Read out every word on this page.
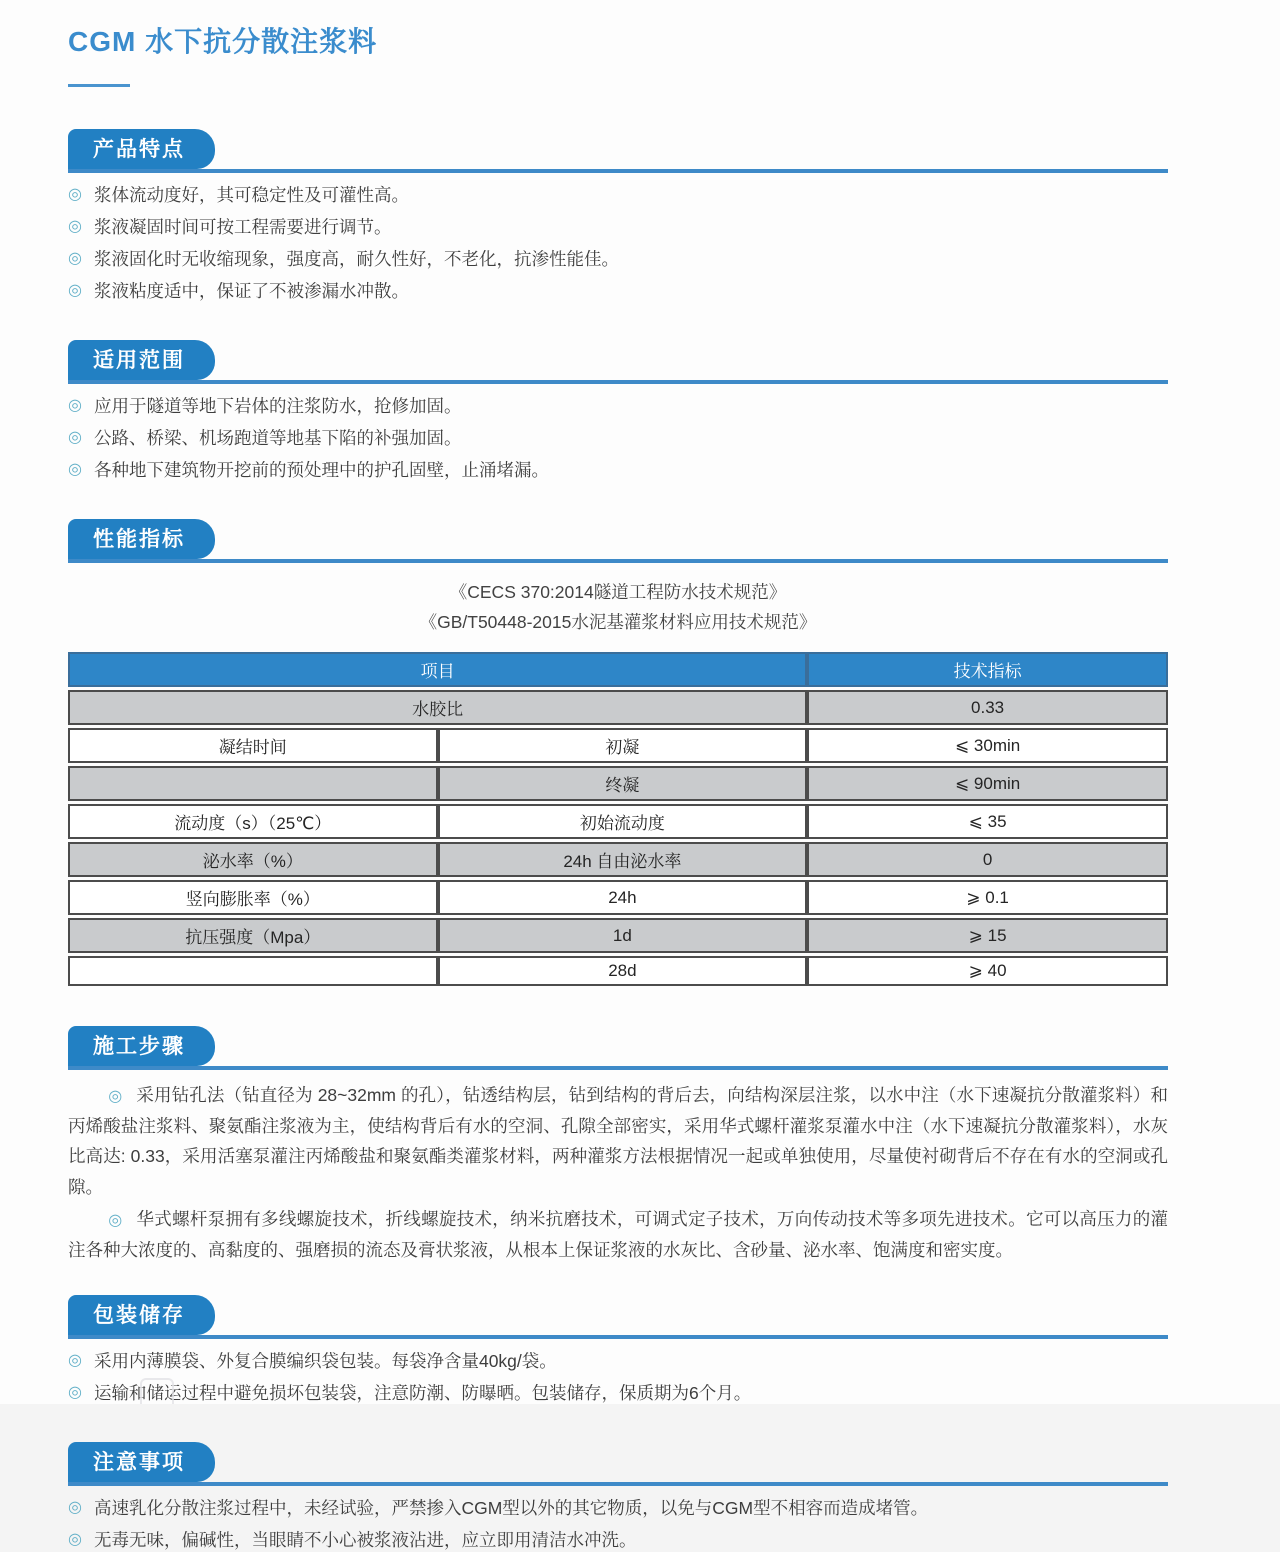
CGM 水下抗分散注浆料
产品特点
◎ 浆体流动度好，其可稳定性及可灌性高。
◎ 浆液凝固时间可按工程需要进行调节。
◎ 浆液固化时无收缩现象，强度高，耐久性好，不老化，抗渗性能佳。
◎ 浆液粘度适中，保证了不被渗漏水冲散。
适用范围
◎ 应用于隧道等地下岩体的注浆防水，抢修加固。
◎ 公路、桥梁、机场跑道等地基下陷的补强加固。
◎ 各种地下建筑物开挖前的预处理中的护孔固壁，止涌堵漏。
性能指标
《CECS 370:2014隧道工程防水技术规范》
《GB/T50448-2015水泥基灌浆材料应用技术规范》
项目		技术指标
水胶比		0.33
凝结时间	初凝	⩽ 30min
	终凝	⩽ 90min
流动度（s）（25℃）	初始流动度	⩽ 35
泌水率（%）	24h 自由泌水率	0
竖向膨胀率（%）	24h	⩾ 0.1
抗压强度（Mpa）	1d	⩾ 15
	28d	⩾ 40
施工步骤

◎ 采用钻孔法（钻直径为 28~32mm 的孔），钻透结构层，钻到结构的背后去，向结构深层注浆，以水中注（水下速凝抗分散灌浆料）和丙烯酸盐注浆料、聚氨酯注浆液为主，使结构背后有水的空洞、孔隙全部密实，采用华式螺杆灌浆泵灌水中注（水下速凝抗分散灌浆料），水灰比高达: 0.33，采用活塞泵灌注丙烯酸盐和聚氨酯类灌浆材料，两种灌浆方法根据情况一起或单独使用，尽量使衬砌背后不存在有水的空洞或孔隙。

◎ 华式螺杆泵拥有多线螺旋技术，折线螺旋技术，纳米抗磨技术，可调式定子技术，万向传动技术等多项先进技术。它可以高压力的灌注各种大浓度的、高黏度的、强磨损的流态及膏状浆液，从根本上保证浆液的水灰比、含砂量、泌水率、饱满度和密实度。

包装储存
◎ 采用内薄膜袋、外复合膜编织袋包装。每袋净含量40kg/袋。
◎ 运输和储运过程中避免损坏包装袋，注意防潮、防曝晒。包装储存，保质期为6个月。
注意事项
◎ 高速乳化分散注浆过程中，未经试验，严禁掺入CGM型以外的其它物质，以免与CGM型不相容而造成堵管。
◎ 无毒无味，偏碱性，当眼睛不小心被浆液沾进，应立即用清洁水冲洗。
